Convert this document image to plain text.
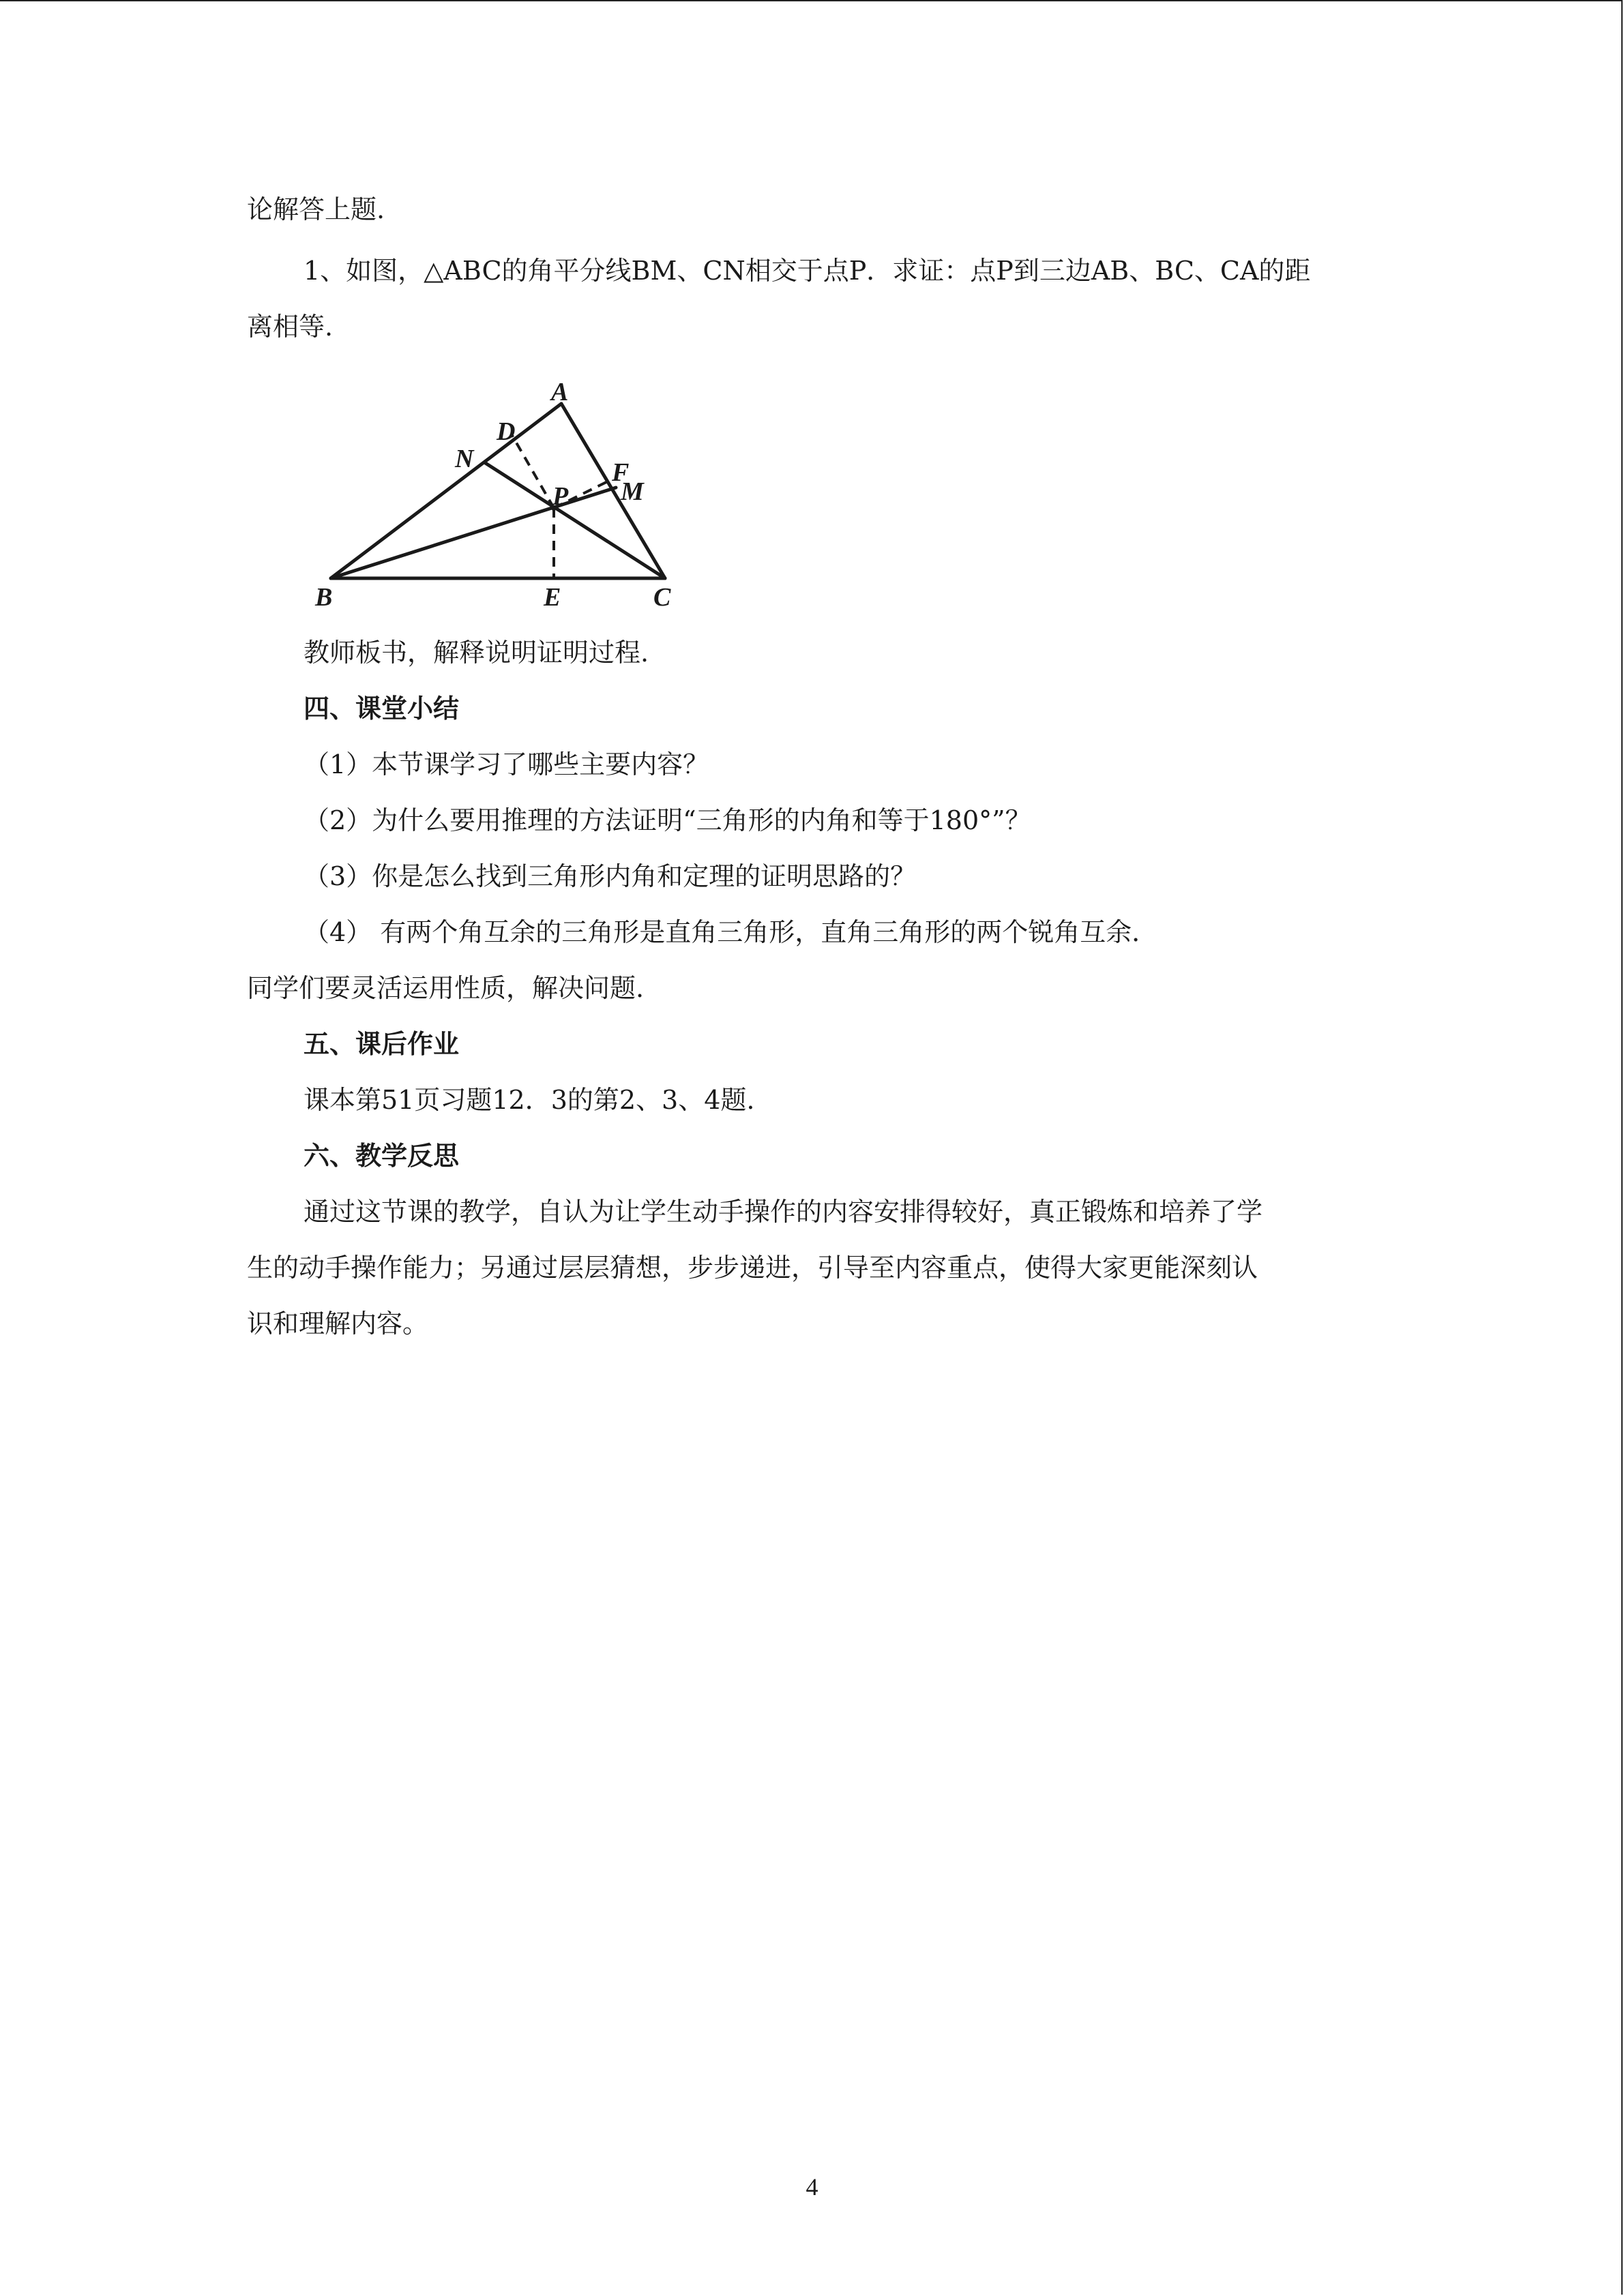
论解答上题.
1、如图，△ABC的角平分线BM、CN相交于点P．求证：点P到三边AB、BC、CA的距
离相等.
A
B	C
D
E
F
M
N
P
教师板书，解释说明证明过程.
四、课堂小结
（1）本节课学习了哪些主要内容？
（2）为什么要用推理的方法证明“三角形的内角和等于180°”？
（3）你是怎么找到三角形内角和定理的证明思路的？
（4） 有两个角互余的三角形是直角三角形，直角三角形的两个锐角互余．
同学们要灵活运用性质，解决问题.
五、课后作业
课本第51页习题12．3的第2、3、4题.
六、教学反思
通过这节课的教学，自认为让学生动手操作的内容安排得较好，真正锻炼和培养了学
生的动手操作能力；另通过层层猜想，步步递进，引导至内容重点，使得大家更能深刻认
识和理解内容。
4
